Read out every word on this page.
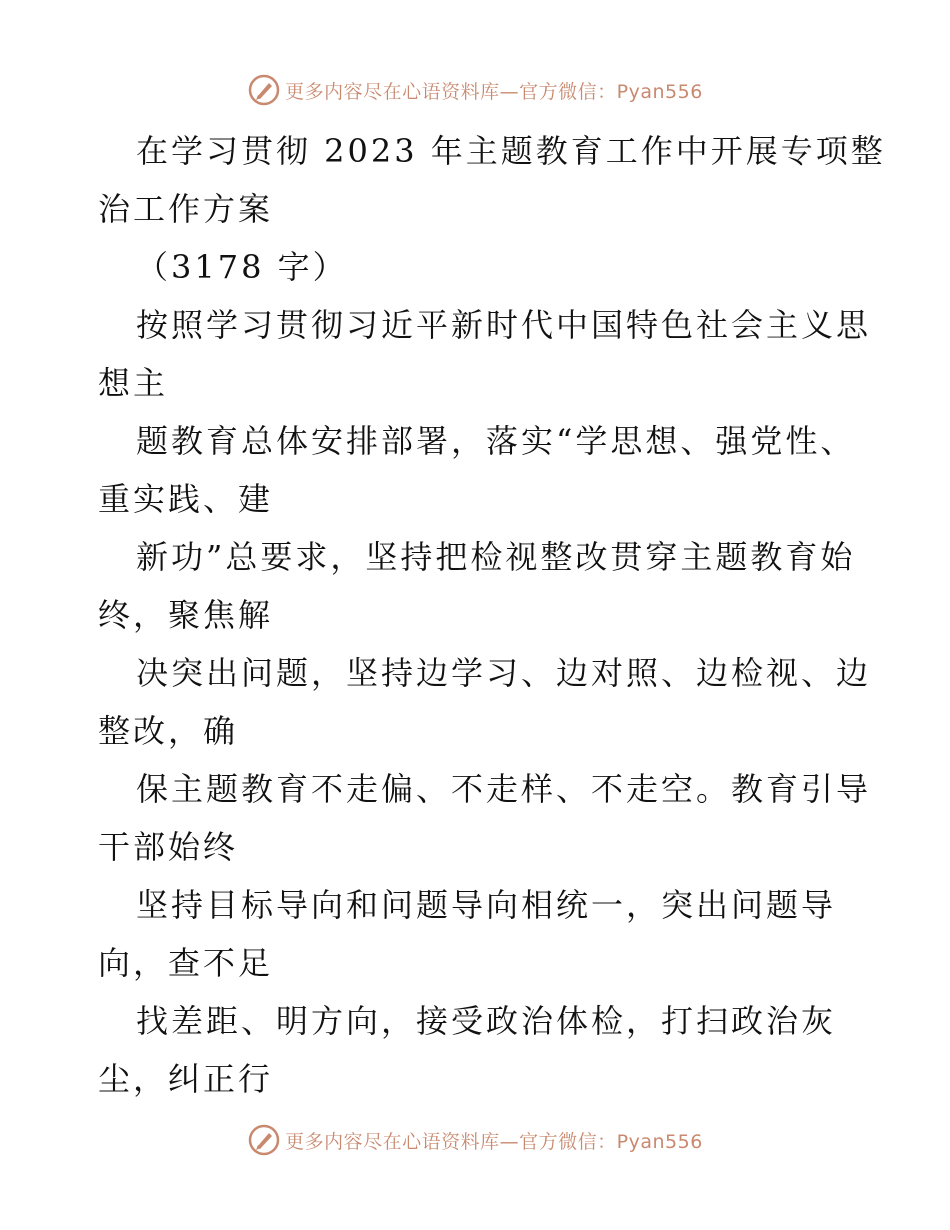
更多内容尽在心语资料库—官方微信：Pyan556
在学习贯彻 2023 年主题教育工作中开展专项整
治工作方案
（3178 字）
按照学习贯彻习近平新时代中国特色社会主义思
想主
题教育总体安排部署，落实“学思想、强党性、
重实践、建
新功”总要求，坚持把检视整改贯穿主题教育始
终，聚焦解
决突出问题，坚持边学习、边对照、边检视、边
整改，确
保主题教育不走偏、不走样、不走空。教育引导
干部始终
坚持目标导向和问题导向相统一，突出问题导
向，查不足
找差距、明方向，接受政治体检，打扫政治灰
尘，纠正行
更多内容尽在心语资料库—官方微信：Pyan556
